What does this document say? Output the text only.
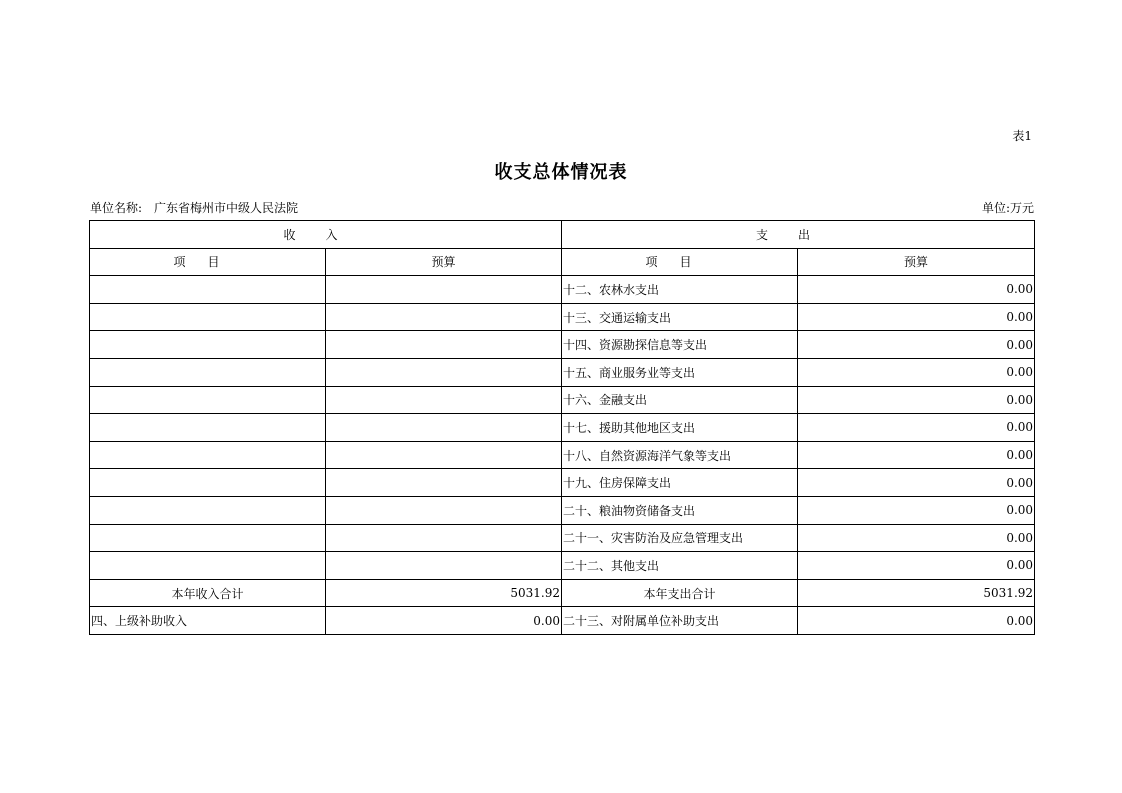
表1
收支总体情况表
单位名称: 广东省梅州市中级人民法院	单位:万元
收入		支出	
项目	预算	项目	预算
		十二、农林水支出	0.00
		十三、交通运输支出	0.00
		十四、资源勘探信息等支出	0.00
		十五、商业服务业等支出	0.00
		十六、金融支出	0.00
		十七、援助其他地区支出	0.00
		十八、自然资源海洋气象等支出	0.00
		十九、住房保障支出	0.00
		二十、粮油物资储备支出	0.00
		二十一、灾害防治及应急管理支出	0.00
		二十二、其他支出	0.00
本年收入合计	5031.92	本年支出合计	5031.92
四、上级补助收入	0.00	二十三、对附属单位补助支出	0.00
